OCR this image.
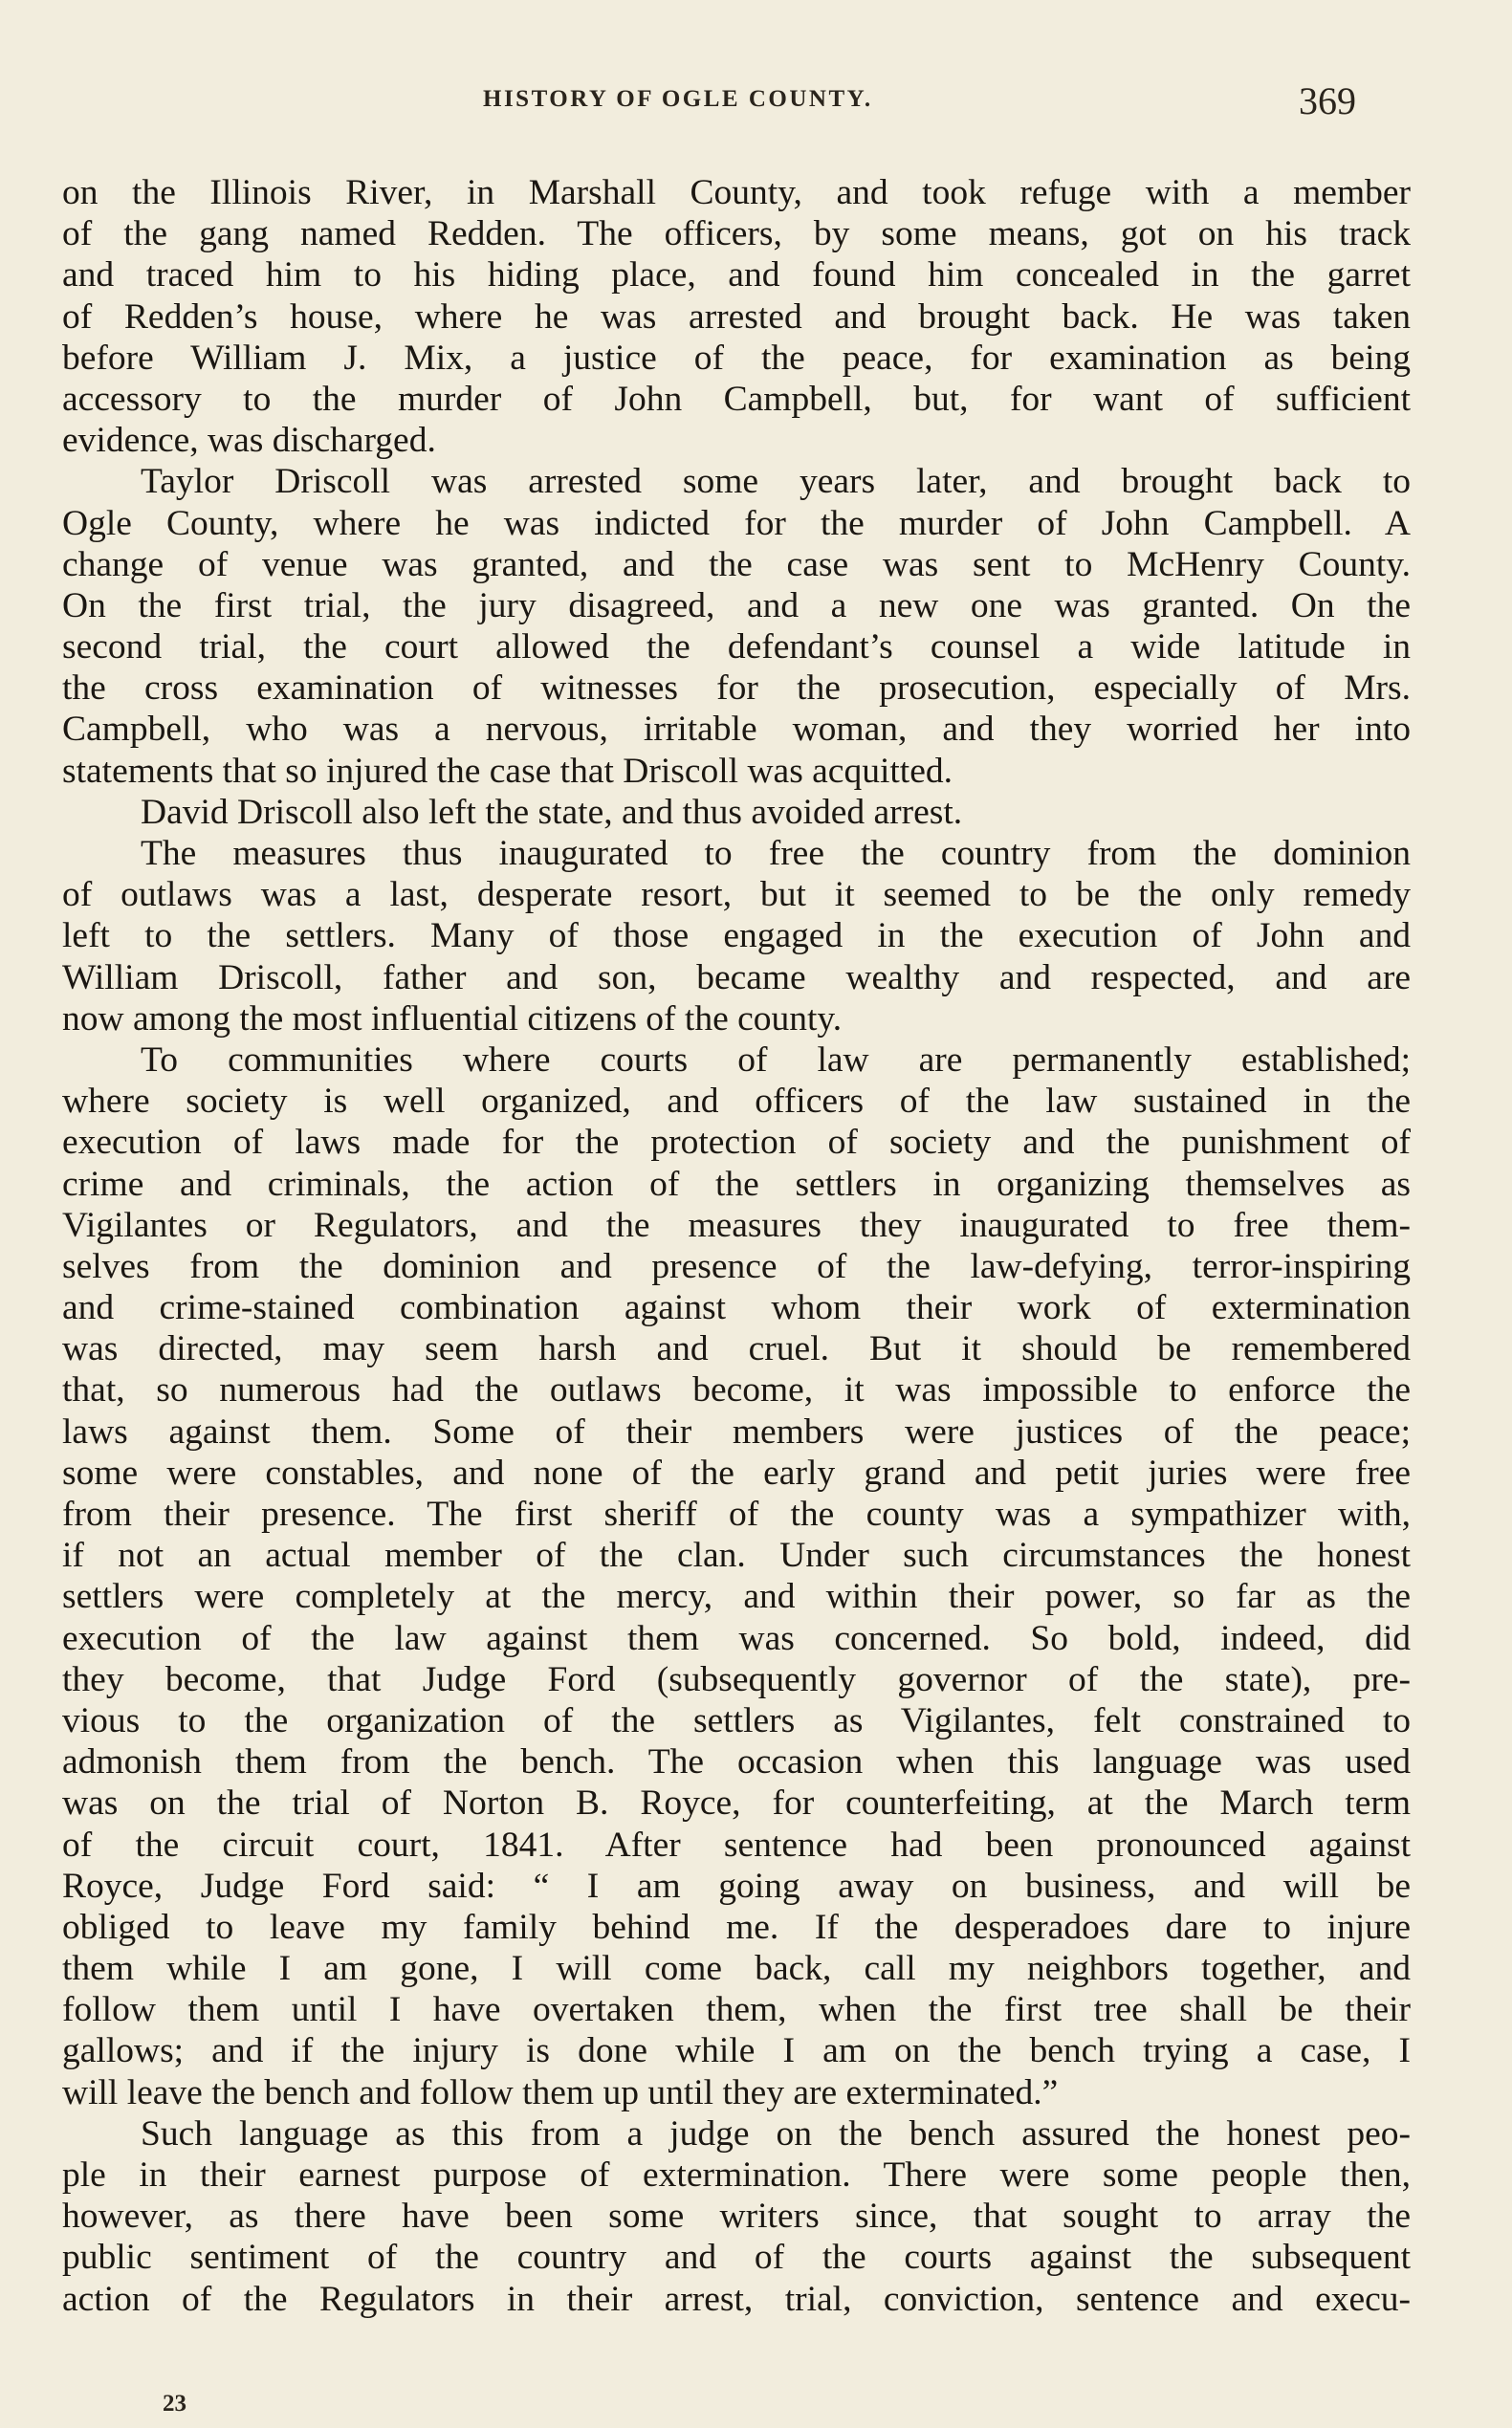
HISTORY OF OGLE COUNTY.	369
on the Illinois River, in Marshall County, and took refuge with a member
of the gang named Redden. The officers, by some means, got on his track
and traced him to his hiding place, and found him concealed in the garret
of Redden’s house, where he was arrested and brought back. He was taken
before William J. Mix, a justice of the peace, for examination as being
accessory to the murder of John Campbell, but, for want of sufficient
evidence, was discharged.
Taylor Driscoll was arrested some years later, and brought back to
Ogle County, where he was indicted for the murder of John Campbell. A
change of venue was granted, and the case was sent to McHenry County.
On the first trial, the jury disagreed, and a new one was granted. On the
second trial, the court allowed the defendant’s counsel a wide latitude in
the cross examination of witnesses for the prosecution, especially of Mrs.
Campbell, who was a nervous, irritable woman, and they worried her into
statements that so injured the case that Driscoll was acquitted.
David Driscoll also left the state, and thus avoided arrest.
The measures thus inaugurated to free the country from the dominion
of outlaws was a last, desperate resort, but it seemed to be the only remedy
left to the settlers. Many of those engaged in the execution of John and
William Driscoll, father and son, became wealthy and respected, and are
now among the most influential citizens of the county.
To communities where courts of law are permanently established;
where society is well organized, and officers of the law sustained in the
execution of laws made for the protection of society and the punishment of
crime and criminals, the action of the settlers in organizing themselves as
Vigilantes or Regulators, and the measures they inaugurated to free them-
selves from the dominion and presence of the law-defying, terror-inspiring
and crime-stained combination against whom their work of extermination
was directed, may seem harsh and cruel. But it should be remembered
that, so numerous had the outlaws become, it was impossible to enforce the
laws against them. Some of their members were justices of the peace;
some were constables, and none of the early grand and petit juries were free
from their presence. The first sheriff of the county was a sympathizer with,
if not an actual member of the clan. Under such circumstances the honest
settlers were completely at the mercy, and within their power, so far as the
execution of the law against them was concerned. So bold, indeed, did
they become, that Judge Ford (subsequently governor of the state), pre-
vious to the organization of the settlers as Vigilantes, felt constrained to
admonish them from the bench. The occasion when this language was used
was on the trial of Norton B. Royce, for counterfeiting, at the March term
of the circuit court, 1841. After sentence had been pronounced against
Royce, Judge Ford said: “ I am going away on business, and will be
obliged to leave my family behind me. If the desperadoes dare to injure
them while I am gone, I will come back, call my neighbors together, and
follow them until I have overtaken them, when the first tree shall be their
gallows; and if the injury is done while I am on the bench trying a case, I
will leave the bench and follow them up until they are exterminated.”
Such language as this from a judge on the bench assured the honest peo-
ple in their earnest purpose of extermination. There were some people then,
however, as there have been some writers since, that sought to array the
public sentiment of the country and of the courts against the subsequent
action of the Regulators in their arrest, trial, conviction, sentence and execu-
23
